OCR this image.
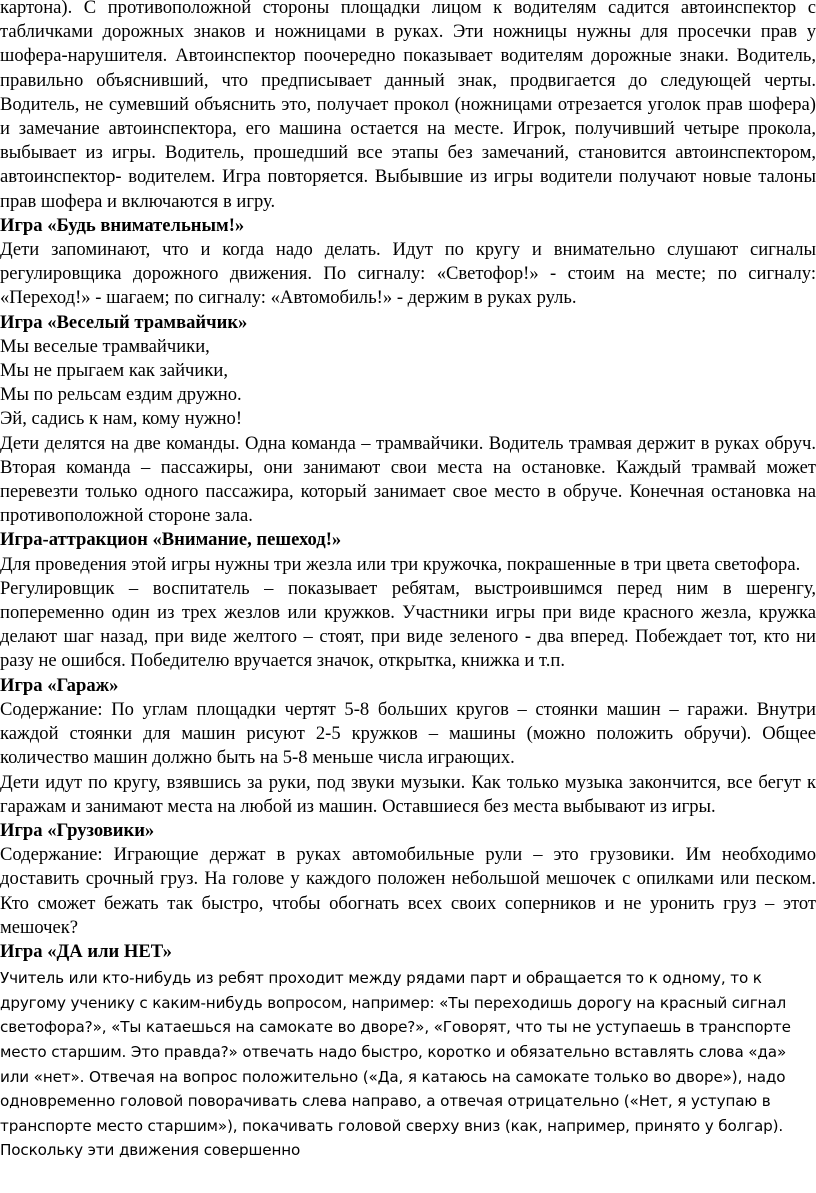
картона). С противоположной стороны площадки лицом к водителям садится автоинспектор с табличками дорожных знаков и ножницами в руках. Эти ножницы нужны для просечки прав у шофера-нарушителя. Автоинспектор поочередно показывает водителям дорожные знаки. Водитель, правильно объяснивший, что предписывает данный знак, продвигается до следующей черты. Водитель, не сумевший объяснить это, получает прокол (ножницами отрезается уголок прав шофера) и замечание автоинспектора, его машина остается на месте. Игрок, получивший четыре прокола, выбывает из игры. Водитель, прошедший все этапы без замечаний, становится автоинспектором, автоинспектор- водителем. Игра повторяется. Выбывшие из игры водители получают новые талоны прав шофера и включаются в игру.

Игра «Будь внимательным!»

Дети запоминают, что и когда надо делать. Идут по кругу и внимательно слушают сигналы регулировщика дорожного движения. По сигналу: «Светофор!» - стоим на месте; по сигналу: «Переход!» - шагаем; по сигналу: «Автомобиль!» - держим в руках руль.

Игра «Веселый трамвайчик»

Мы веселые трамвайчики,

Мы не прыгаем как зайчики,

Мы по рельсам ездим дружно.

Эй, садись к нам, кому нужно!

Дети делятся на две команды. Одна команда – трамвайчики. Водитель трамвая держит в руках обруч. Вторая команда – пассажиры, они занимают свои места на остановке. Каждый трамвай может перевезти только одного пассажира, который занимает свое место в обруче. Конечная остановка на противоположной стороне зала.

Игра-аттракцион «Внимание, пешеход!»

Для проведения этой игры нужны три жезла или три кружочка, покрашенные в три цвета светофора.

Регулировщик – воспитатель – показывает ребятам, выстроившимся перед ним в шеренгу, попеременно один из трех жезлов или кружков. Участники игры при виде красного жезла, кружка делают шаг назад, при виде желтого – стоят, при виде зеленого - два вперед. Побеждает тот, кто ни разу не ошибся. Победителю вручается значок, открытка, книжка и т.п.

Игра «Гараж»

Содержание: По углам площадки чертят 5-8 больших кругов – стоянки машин – гаражи. Внутри каждой стоянки для машин рисуют 2-5 кружков – машины (можно положить обручи). Общее количество машин должно быть на 5-8 меньше числа играющих.

Дети идут по кругу, взявшись за руки, под звуки музыки. Как только музыка закончится, все бегут к гаражам и занимают места на любой из машин. Оставшиеся без места выбывают из игры.

Игра «Грузовики»

Содержание: Играющие держат в руках автомобильные рули – это грузовики. Им необходимо доставить срочный груз. На голове у каждого положен небольшой мешочек с опилками или песком. Кто сможет бежать так быстро, чтобы обогнать всех своих соперников и не уронить груз – этот мешочек?

Игра «ДА или НЕТ»

Учитель или кто-нибудь из ребят проходит между рядами парт и обращается то к одному, то к другому ученику с каким-нибудь вопросом, например: «Ты переходишь дорогу на красный сигнал светофора?», «Ты катаешься на самокате во дворе?», «Говорят, что ты не уступаешь в транспорте место старшим. Это правда?» отвечать надо быстро, коротко и обязательно вставлять слова «да» или «нет». Отвечая на вопрос положительно («Да, я катаюсь на самокате только во дворе»), надо одновременно головой поворачивать слева направо, а отвечая отрицательно («Нет, я уступаю в транспорте место старшим»), покачивать головой сверху вниз (как, например, принято у болгар). Поскольку эти движения совершенно
